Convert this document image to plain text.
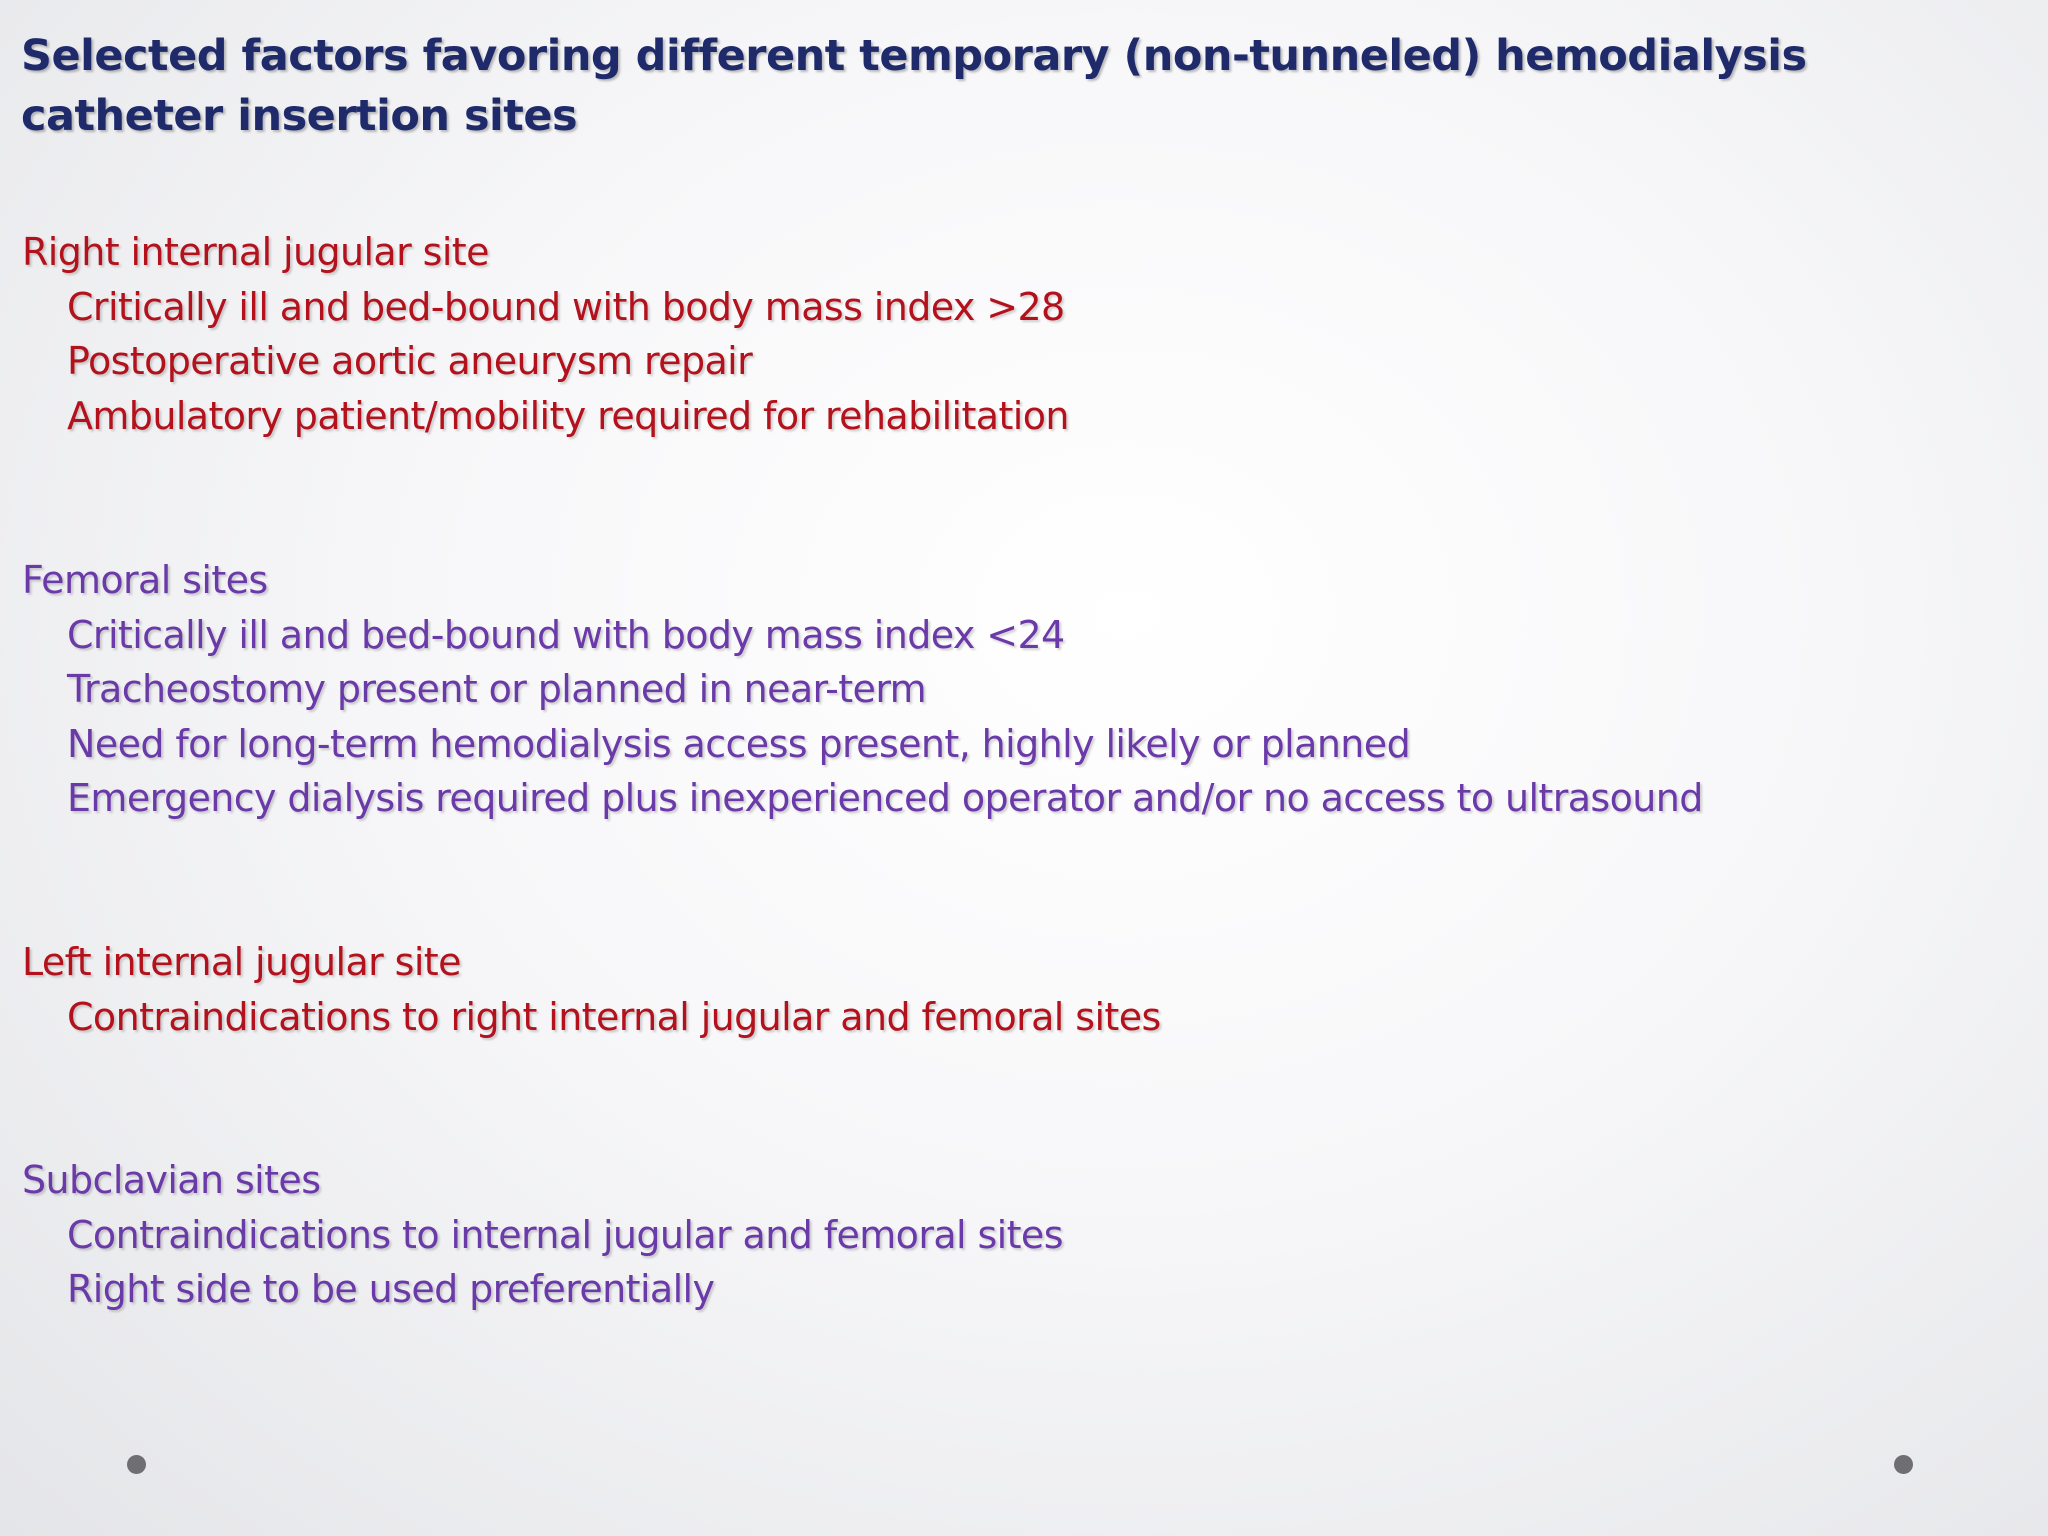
Selected factors favoring different temporary (non-tunneled) hemodialysis catheter insertion sites
Right internal jugular site
Critically ill and bed-bound with body mass index >28
Postoperative aortic aneurysm repair
Ambulatory patient/mobility required for rehabilitation
Femoral sites
Critically ill and bed-bound with body mass index <24
Tracheostomy present or planned in near-term
Need for long-term hemodialysis access present, highly likely or planned
Emergency dialysis required plus inexperienced operator and/or no access to ultrasound
Left internal jugular site
Contraindications to right internal jugular and femoral sites
Subclavian sites
Contraindications to internal jugular and femoral sites
Right side to be used preferentially
